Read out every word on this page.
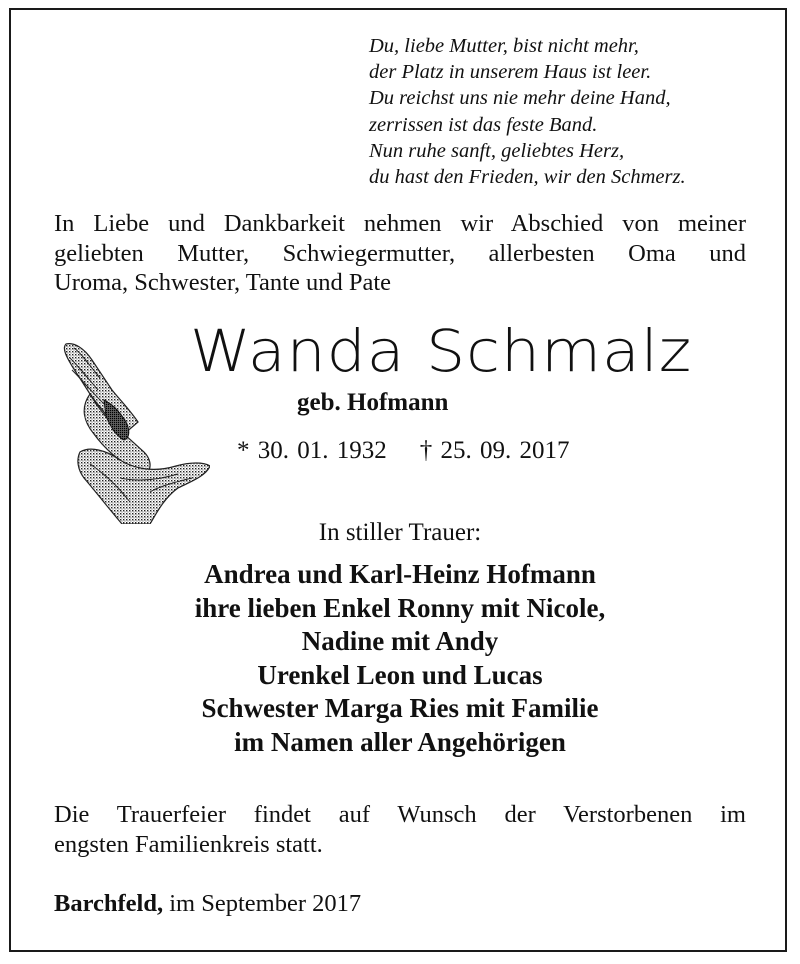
Du, liebe Mutter, bist nicht mehr,
der Platz in unserem Haus ist leer.
Du reichst uns nie mehr deine Hand,
zerrissen ist das feste Band.
Nun ruhe sanft, geliebtes Herz,
du hast den Frieden, wir den Schmerz.
In Liebe und Dankbarkeit nehmen wir Abschied von meiner
geliebten Mutter, Schwiegermutter, allerbesten Oma und
Uroma, Schwester, Tante und Pate
Wanda Schmalz
geb. Hofmann
* 30. 01. 1932 † 25. 09. 2017
In stiller Trauer:
Andrea und Karl-Heinz Hofmann
ihre lieben Enkel Ronny mit Nicole,
Nadine mit Andy
Urenkel Leon und Lucas
Schwester Marga Ries mit Familie
im Namen aller Angehörigen
Die Trauerfeier findet auf Wunsch der Verstorbenen im
engsten Familienkreis statt.
Barchfeld, im September 2017
